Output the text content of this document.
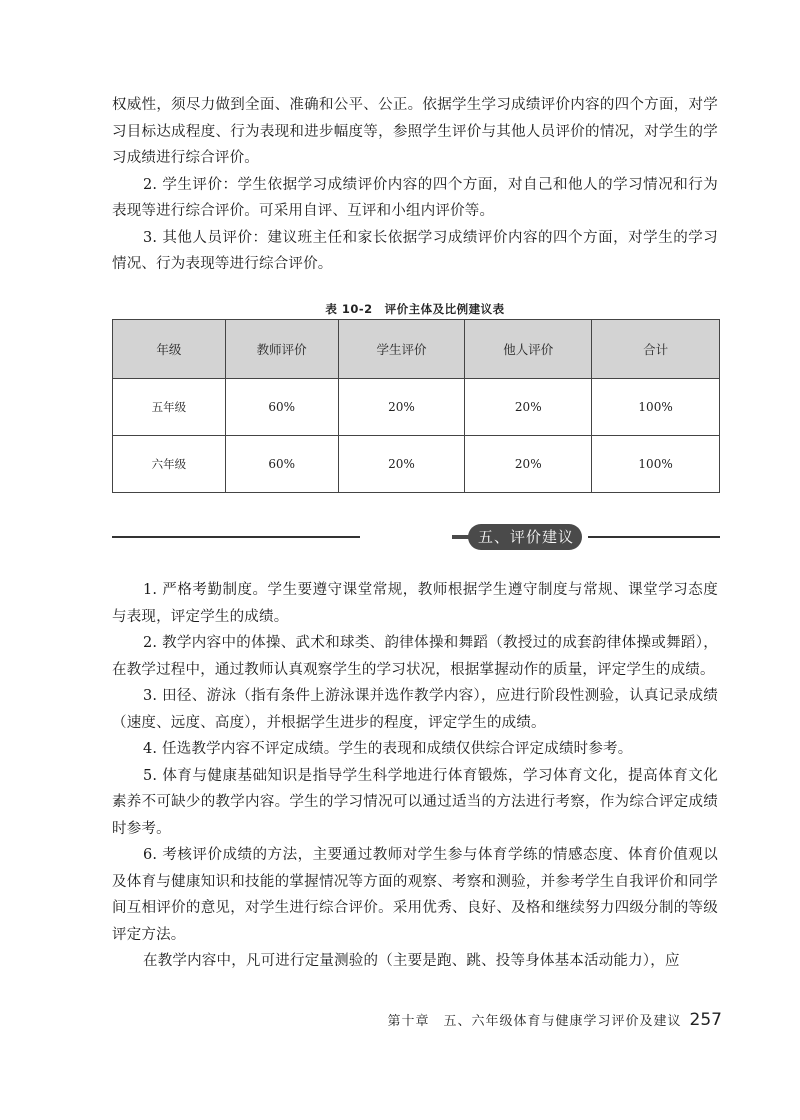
权威性，须尽力做到全面、准确和公平、公正。依据学生学习成绩评价内容的四个方面，对学习目标达成程度、行为表现和进步幅度等，参照学生评价与其他人员评价的情况，对学生的学习成绩进行综合评价。

2. 学生评价：学生依据学习成绩评价内容的四个方面，对自己和他人的学习情况和行为表现等进行综合评价。可采用自评、互评和小组内评价等。

3. 其他人员评价：建议班主任和家长依据学习成绩评价内容的四个方面，对学生的学习情况、行为表现等进行综合评价。

表 10-2 评价主体及比例建议表
年级	教师评价	学生评价	他人评价	合计
五年级	60%	20%	20%	100%
六年级	60%	20%	20%	100%
五、评价建议

1. 严格考勤制度。学生要遵守课堂常规，教师根据学生遵守制度与常规、课堂学习态度与表现，评定学生的成绩。

2. 教学内容中的体操、武术和球类、韵律体操和舞蹈（教授过的成套韵律体操或舞蹈），在教学过程中，通过教师认真观察学生的学习状况，根据掌握动作的质量，评定学生的成绩。

3. 田径、游泳（指有条件上游泳课并选作教学内容），应进行阶段性测验，认真记录成绩（速度、远度、高度），并根据学生进步的程度，评定学生的成绩。

4. 任选教学内容不评定成绩。学生的表现和成绩仅供综合评定成绩时参考。

5. 体育与健康基础知识是指导学生科学地进行体育锻炼，学习体育文化，提高体育文化素养不可缺少的教学内容。学生的学习情况可以通过适当的方法进行考察，作为综合评定成绩时参考。

6. 考核评价成绩的方法，主要通过教师对学生参与体育学练的情感态度、体育价值观以及体育与健康知识和技能的掌握情况等方面的观察、考察和测验，并参考学生自我评价和同学间互相评价的意见，对学生进行综合评价。采用优秀、良好、及格和继续努力四级分制的等级评定方法。

在教学内容中，凡可进行定量测验的（主要是跑、跳、投等身体基本活动能力），应

第十章　五、六年级体育与健康学习评价及建议 257
